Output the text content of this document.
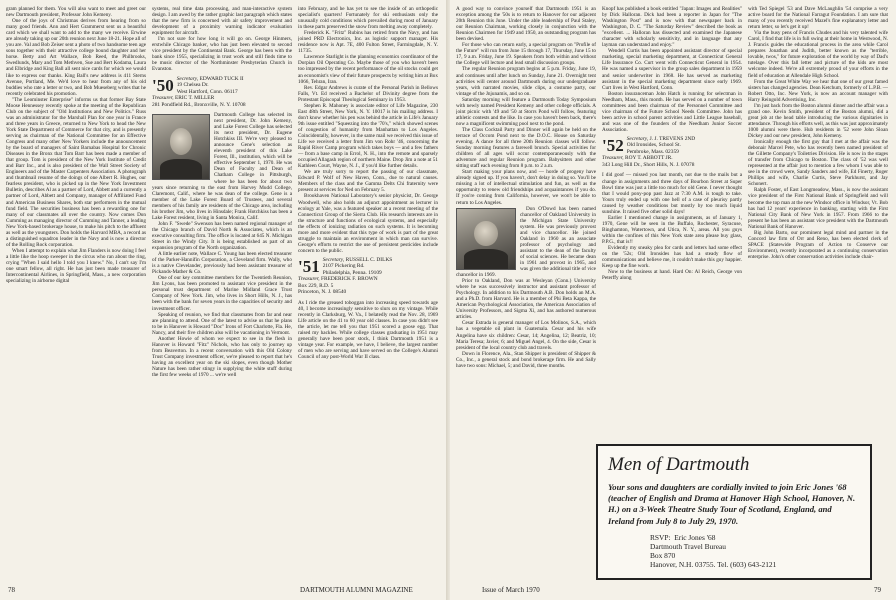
gram planned for them. You will also want to meet and greet our new Dartmouth president, Professor John Kemeny.

One of the joys of Christmas derives from hearing from so many good friends. Ann and Hert Grammerst sent us a beautiful card which we shall want to add to the many we receive. Erwine are already taking up our 20th reunion next June 18-21. Hope all of you are. Val and Bob Zeiser sent a photo of two handsome teen age sons together with their attractive college bound daughter and her horse. Betty and Art Wallace, Bob Reed, the Philbrooks, Swedlunds, Mary and Tom Methven, Sue and Bert Kodama, Laura and Elbridge and King Ball all sent nice cards for which we would like to express our thanks. King Ball's new address is 411 Sterns Avenue, Portland, Me. We'd love to hear from any of his old buddies who rate a letter or two, and Bob Mueseberg writes that he recently celebrated his promotion.

"The Leominster Enterprise" informs us that former Bay State Moose Hennessey recently spoke at the meeting of the Republican Club on the subject of "Old Institutions and New Politics." Russ was an administrator for the Marshall Plan for one year in France and three years in Greece, returned to New York to head the New York State Department of Commerce for that city, and is presently serving as chairman of the National Committee for an Effective Congress and many other New Yorkers include the announcement by the board of managers of Saint Barnabas Hospital for Chronic Diseases in the Bronx that Tom Barr has been made a member of that group. Tom is president of the New York Institute of Credit and Barr Inc., and is also president of the Wall Street Society of Engineers and of the Master Carpenters Association. A photograph and thumbnail resume of the doings of one Albert R. Hughes, our fearless president, who is picked up in the New York Investment Bulletin, describes Al as a partner of Lord, Abbett and a currently a partner of Lord, Abbett and Company, manager of Affiliated Fund and American Business Shares, both star performers in the mutual fund field. The securities business has been a rewarding one for many of our classmates all over the country. Now comes Don Cumming as managing director of Cumming and Tanner, a leading New York-based brokerage house, to make his pitch to the affluent as well as the youngsters. Don holds the Harvard MBA, a record as a distinguished squadron leader in the Navy and is now a director of the Rolling Rock corporation.

When I attempt to explain what Jim Flanders is now doing I feel a little like the hoop sweeper in the circus who ran about the ring, crying "When I said hello I told you I knew." No, I can't say I'm one smart fellow, all right. He has just been made treasurer of Intercontinental Airlines, in Springfield, Mass., a new corporation specializing in airborne digital

systems, real time data processing, and man-interactive system design. I am awed by the rather graphic last paragraph which states that the new firm is concerned with air safety improvement and development of a proximity warning indicator evaluation equipment for aircraft.

I'm not sure for how long it will go on. George Hinmers, erstwhile Chicago banker, who has just been elevated to second vice president by the Continental Bank. George has been with the bank since 1955, specializing in trust work and still finds time to be music director of the Northminster Presbyterian Church in Evanston.

'50 Secretary, EDWARD TUCK II
19 Chelsea Dr.
West Hartford, Conn. 06117
Treasurer, ERIC T. MILLER
281 Pondfield Rd., Bronxville, N. Y. 10708

Dartmouth College has selected its next president, Dr. John Kemeny, and Lake Forest College has selected its next president, Dr. Eugene Hotchkiss III. We're very pleased to announce Gene's selection as eleventh president of this Lake Forest, Ill., institution, which will be effective September 1, 1970. He was Dean of Faculty and Dean of Chatham College in Pittsburgh, where he has been for about two years since returning to the east from Harvey Mudd College, Claremont, Calif., where he was dean of the college. Gene is a member of the Lake Forest Board of Trustees, and several members of his family are residents of the Chicago area, including his brother Jim, who lives in Hinsdale; Frank Hotchkiss has been a Lake Forest resident, living in Santa Monica, Calif.

John F. "Swede" Swenson has been named regional manager of the Chicago branch of David North & Associates, which is an executive consulting firm. The office is located at 645 N. Michigan Street in the Windy City. It is being established as part of an expansion program of the North organization.

A little earlier note, Wallace C. Young has been elected treasurer of the Parker-Hannifin Corporation, a Cleveland firm. Wally, who is a native Clevelander, previously had been assistant treasurer of Pickands-Mather & Co.

One of our key committee members for the Twentieth Reunion, Jim Lyons, has been promoted to assistant vice president in the personal trust department of Marine Midland Grace Trust Company of New York. Jim, who lives in Short Hills, N. J., has been with the bank for seven years in the capacities of security and investment officer.

Speaking of reunion, we find that classmates from far and near are planning to attend. One of the latest to advise us that he plans to be in Hanover is Howard "Doc" Irons of Fort Charlotte, Fla. He, Nancy, and their five children also will be vacationing in Vermont.

Another Howie of whom we expect to see in the flesh in Hanover is Howard "Fitz" Nichols, who has only to journey up from Beaverton. In a recent conversation with this Old Colony Trust Company investment officer, we're pleased to report that he's having an excellent year on the ski slopes, even though Mother Nature has been rather stingy in supplying the white stuff during the first few weeks of 1970 ... we're well

into February, and he has yet to see the inside of an orthopedic specialist's quarters! Fortunately for ski enthusiasts only the unusually cold conditions which prevailed during most of January in these parts preserved the snow from melting away completely.

Frederick K. "Fritz" Rubins has retired from the Navy, and has joined PRD Electronics, Inc. as logistic support manager. His residence now is Apt. 7E, 400 Fulton Street, Farmingdale, N. Y. 11735.

Lawrence Starlight is the planning economics coordinator of the Dorpian Oil Operating Co. Maybe those of you who haven't been too impressed by the recent performance of the oil stocks could get an economist's view of their future prospects by writing him at Box 1066, Tehran, Iran.

Rev. Edgar Andrews is curate of the Personal Parish in Bellows Falls, Vt. Ed received a Bachelor of Divinity degree from the Protestant Episcopal Theological Seminary in 1953.

Stephen R. Mahoney is associate editor of Life Magazine, 230 East 48th Street, New York, N. Y. 10017 is his mailing address. I don't know whether his pen was behind the article in Life's January 9th issue entitled "Squeezing into the '70's," which showed scenes of congestion of humanity from Manhattan to Los Angeles. Coincidentally, however, in the same mail we received this issue of Life we received a letter from Jim von Rohr '46, concerning the Rapid River Camp program which takes boys — and a few fathers — from a base camp in Errol, N. H., into the remote and sparsely occupied Allagash region of northern Maine. Drop Jim a note at 51 Kathleen Court, Wayne, N. J., if you'd like further details.

We are truly sorry to report the passing of our classmate, Edward P. Wolf of New Haven, Conn., due to natural causes. Members of the class and the Gamma Delts Chi fraternity were present at services for Ned on February 5.

Brookhaven National Laboratory's senior physicist, Dr. George Woodwell, who also holds an adjunct appointment as lecturer in ecology at Yale, was a featured speaker at a recent meeting of the Connecticut Group of the Sierra Club. His research interests are in the structure and functions of ecological systems, and especially the effects of ionizing radiation on such systems. It is becoming more and more evident that this type of work is part of the great struggle to maintain an environment in which man can survive. George's efforts to restrict the use of persistent pesticides include concern to the public.

'51 Secretary, RUSSELL C. DILKS
2107 Pickering Rd.
Philadelphia, Penna. 19109
Treasurer, FREDERICK F. BROWN
Box 229, R.D. 5
Princeton, N. J. 08540

As I ride the greased toboggan into increasing speed towards age 40, I become increasingly sensitive to slurs on my vintage. While recently in Clarksburg, W. Va., I belatedly read the Nov. 28, 1969 Life article on the 41 to 60 year old classes. In case you didn't see the article, let me tell you that 1951 scored a goose egg. That raised my hackles. While college classes graduating in 1951 may generally have been poor stock, I think Dartmouth 1951 is a vintage year. For example, we have, I believe, the largest number of men who are serving and have served on the College's Alumni Council of any post-World War II class.

78	DARTMOUTH ALUMNI MAGAZINE

A good way to convince yourself that Dartmouth 1951 is an exception among the '50s is to return to Hanover for our adjacent 20th Reunion this June. Under the able leadership of Paul Staley, our Reunion Chairman, working closely in conjunction with the Reunion Chairmen for 1949 and 1950, an outstanding program has been devised.

For those who can return early, a special program on "Profile of the Future" will run from June 15 through 17, Thursday, June 15 to 17, 9 a.m. Friday, June 19. Speakers from both within and without the College will lecture and lead small discussion groups.

The regular Reunion program begins at 5 p.m. Friday, June 19, and continues until after lunch on Sunday, June 21. Overnight tent activities will center around Dartmouth during our undergraduate years, with narrated movies, slide clips, a costume party, our vintage of the Jnjunamis, and so on.

Saturday morning will feature a Dartmouth Today Symposium with newly named President Kemeny and other college officials. A joint picnic with '49 and '50 at Storrs Pond will follow, featuring athletic contests and the like. In case you haven't been back, there's now a magnificent swimming pool next to the pond.

The Class Cocktail Party and Dinner will again be held on the terrace of Occom Pond next to the D.O.C. House on Saturday evening. A dance for all three 20th Reunion classes will follow. Sunday morning features a farewell brunch. Special activities for children of all ages will occur contemporaneously with the adventure and regular Reunion program. Babysitters and other sitting staff each evening from 8 p.m. to 2 a.m.

Start making your plans now, and — horde of progeny have already signed up. If you haven't, don't delay in doing so. You'll be missing a lot of intellectual stimulation and fun, as well as the opportunity to renew old friendships and acquaintances if you do. If you're coming from California, however, we won't be able to return to Los Angeles.

Don O'Dowd has been named chancellor of Oakland University in the Michigan State University system. He was previously provost and vice chancellor. He joined Oakland in 1960 as an associate professor of psychology and assistant to the dean of the faculty of social sciences. He became dean in 1961 and provost in 1965, and was given the additional title of vice chancellor in 1969.

Prior to Oakland, Don was at Wesleyan (Conn.) University where he was successively instructor and assistant professor of Psychology. In addition to his Dartmouth A.B. Don holds an M.A. and a Ph.D. from Harvard. He is a member of Phi Beta Kappa, the American Psychological Association, the American Association of University Professors, and Sigma Xi, and has authored numerous articles.

Cesar Estrada is general manager of Los Molinos, S.A., which has a vegetable oil plant in Guatemala. Cesar and his wife Angelina have six children: Cesar, 14; Angelina, 12; Beatriz, 10; Maria Teresa; Javier, 6; and Miguel Angel, 4. On the side, Cesar is president of the local country club and travels.

Down in Florence, Ala., Stan Shipper is president of Shipper & Co., Inc., a general stock and bond brokerage firm. He and Sally have two sons: Michael, 5; and David, three months.

Knopf has published a book entitled "Japan: Images and Realities" by Dick Halloran. Dick had been a reporter in Japan for "The Washington Post" and is now with that newspaper back in Washington, D. C. "The Saturday Review" described the book as "excellent. ... Halloran has dissected and examined the Japanese character with scholarly sensitivity, and in language that any layman can understand and enjoy."

Wendell Curtis has been appointed assistant director of special marketing, special marketing department, at Connecticut General Life Insurance Co. Curt went with Connecticut General in 1954. He was named a supervisor in the group sales department in 1959 and senior underwriter in 1968. He has served as marketing assistant in the special marketing department since early 1969. Curt lives in West Hartford, Conn.

Boston insuranceman John Hatch is running for selectman in Needham, Mass., this month. He has served on a number of town committees and been chairman of the Personnel Committee and vice chairman of the Future School Needs Committee. John has been active in school parent activities and Little League baseball, and was one of the founders of the Needham Junior Soccer Association.

'52 Secretary, J. J. TREVENS 2ND
Old Ironsides, School St.
Pembroke, Mass. 02359
Treasurer, ROY T. ABBOTT JR.
343 Long Hill Dr., Short Hills, N. J. 07078

I did goof — missed you last month, not due to the mails but a change in assignments and three days of Bourbon Street at Super Bowl time was just a little too much for old Gene. I never thought that I would pony-pop past Jazz at 7:30 A.M. is tough to take. Yours truly ended up with one hell of a case of pleurisy partly caused by weather conditions but mostly by too much liquid sunshine. It raised five other solid days!

Earlier I mentioned change in assignments, as of January 1, 1970, Gene will be seen in the Buffalo, Rochester, Syracuse, Binghamton, Watertown, and Utica, N. Y., areas. All you guys within the confines of this New York state area please buy glass, P.P.G., that is!!

Evidently my sneaky plea for cards and letters had some effect on the '52s; Old Ironsides has had a steady flow of communications and believe me, it couldn't make this guy happier. Keep up the fine work.

Now to the business at hand. Hard On: Al Reich, George von Peterffy along

with Ted Spiegel '53 and Dave McLaughlin '54 comprise a very active board for the National Farragut Foundation. I am sure that many of you recently received Mazel's fine explanatory letter and return letter, so let's get it up!

Via the busy pens of Francis Chudes and his very talented wife Carol, I find that life is in full swing at their home in Westwood, N. J. Francis guides the educational process in the area while Carol prepares Jonathan and Judith, better known as the "terrible, lovable, twos," for future exploration of the world by way of Dad's tutelage. Over this fall letter and picture of the kids are most welcome indeed. We're all extremely proud of your efforts in the field of education at Allendale High School.

From the Great White Way we hear that one of our great famed sisters has changed agencies. Dean Ketchum, formerly of L.P.B. — Robert Otto, Inc. New York, is now an account manager with Harry Reingold Advertising, Inc.

I'm just back from the Boston alumni dinner and the affair was a grand one. Kevin Smith, president of the Boston alumni, did a great job at the head table introducing the various dignitaries in attendance. Through his efforts well, as this was just approximately 1000 alumni were there. Hub residents in '52 were John Sloan Dickey and our new president, John Kemeny.

Ironically enough the first guy that I met at the affair was the debonair Marcel Pete, who has recently been named president of the Gillette Company's Toiletries Division. He is now in the stages of transfer from Chicago to Boston. The class of '52 was well represented at the affair just to mention a few whom I was able to see in the crowd were, Sandy Sanders and wife, Ed Finerty, Roger Phillips and wife, Charlie Curtis, Steve Parkhurst, and Jay Schonert.

Ralph Foster, of East Longmeadow, Mass., is now the assistant vice president of the First National Bank of Springfield and will become the top man at the new Windsor office in Windsor, Vt. Bob has had 12 years' experience in banking, starting with the First National City Bank of New York in 1957. From 1966 to the present he has been an assistant vice president with the Dartmouth National Bank of Hanover.

Big John Barto, our prominent legal mind and partner in the Concord law firm of Orr and Reno, has been elected clerk of SPACE (Statewide Program of Action to Conserve our Environment), recently incorporated as a continuing conservation enterprise. John's other conservation activities include chair-

Men of Dartmouth
Your sons and daughters are cordially invited to join Eric Jones '68 (teacher of English and Drama at Hanover High School, Hanover, N. H.) on a 3-Week Theatre Study Tour of Scotland, England, and Ireland from July 8 to July 29, 1970.
RSVP: Eric Jones '68
Dartmouth Travel Bureau
Box 870
Hanover, N.H. 03755. Tel. (603) 643-2121
Issue of March 1970	79
